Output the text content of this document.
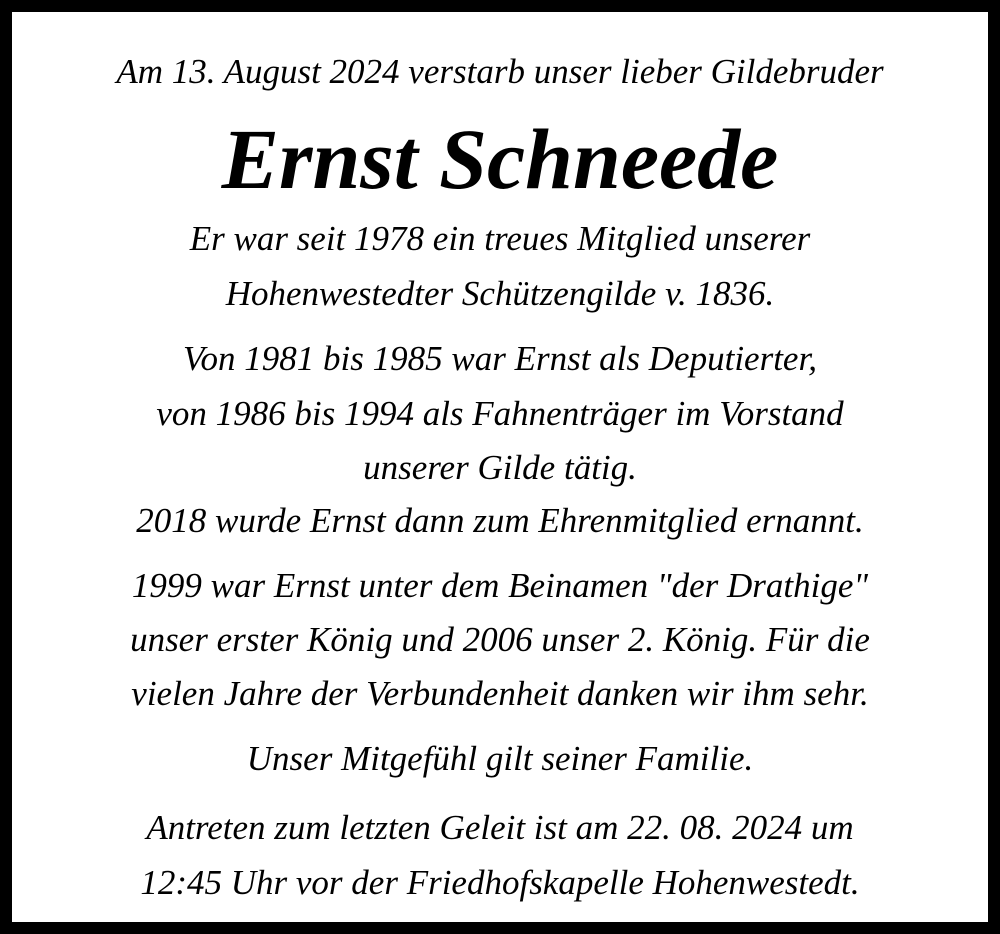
Am 13. August 2024 verstarb unser lieber Gildebruder
Ernst Schneede
Er war seit 1978 ein treues Mitglied unserer
Hohenwestedter Schützengilde v. 1836.
Von 1981 bis 1985 war Ernst als Deputierter,
von 1986 bis 1994 als Fahnenträger im Vorstand
unserer Gilde tätig.
2018 wurde Ernst dann zum Ehrenmitglied ernannt.
1999 war Ernst unter dem Beinamen "der Drathige"
unser erster König und 2006 unser 2. König. Für die
vielen Jahre der Verbundenheit danken wir ihm sehr.
Unser Mitgefühl gilt seiner Familie.
Antreten zum letzten Geleit ist am 22. 08. 2024 um
12:45 Uhr vor der Friedhofskapelle Hohenwestedt.
